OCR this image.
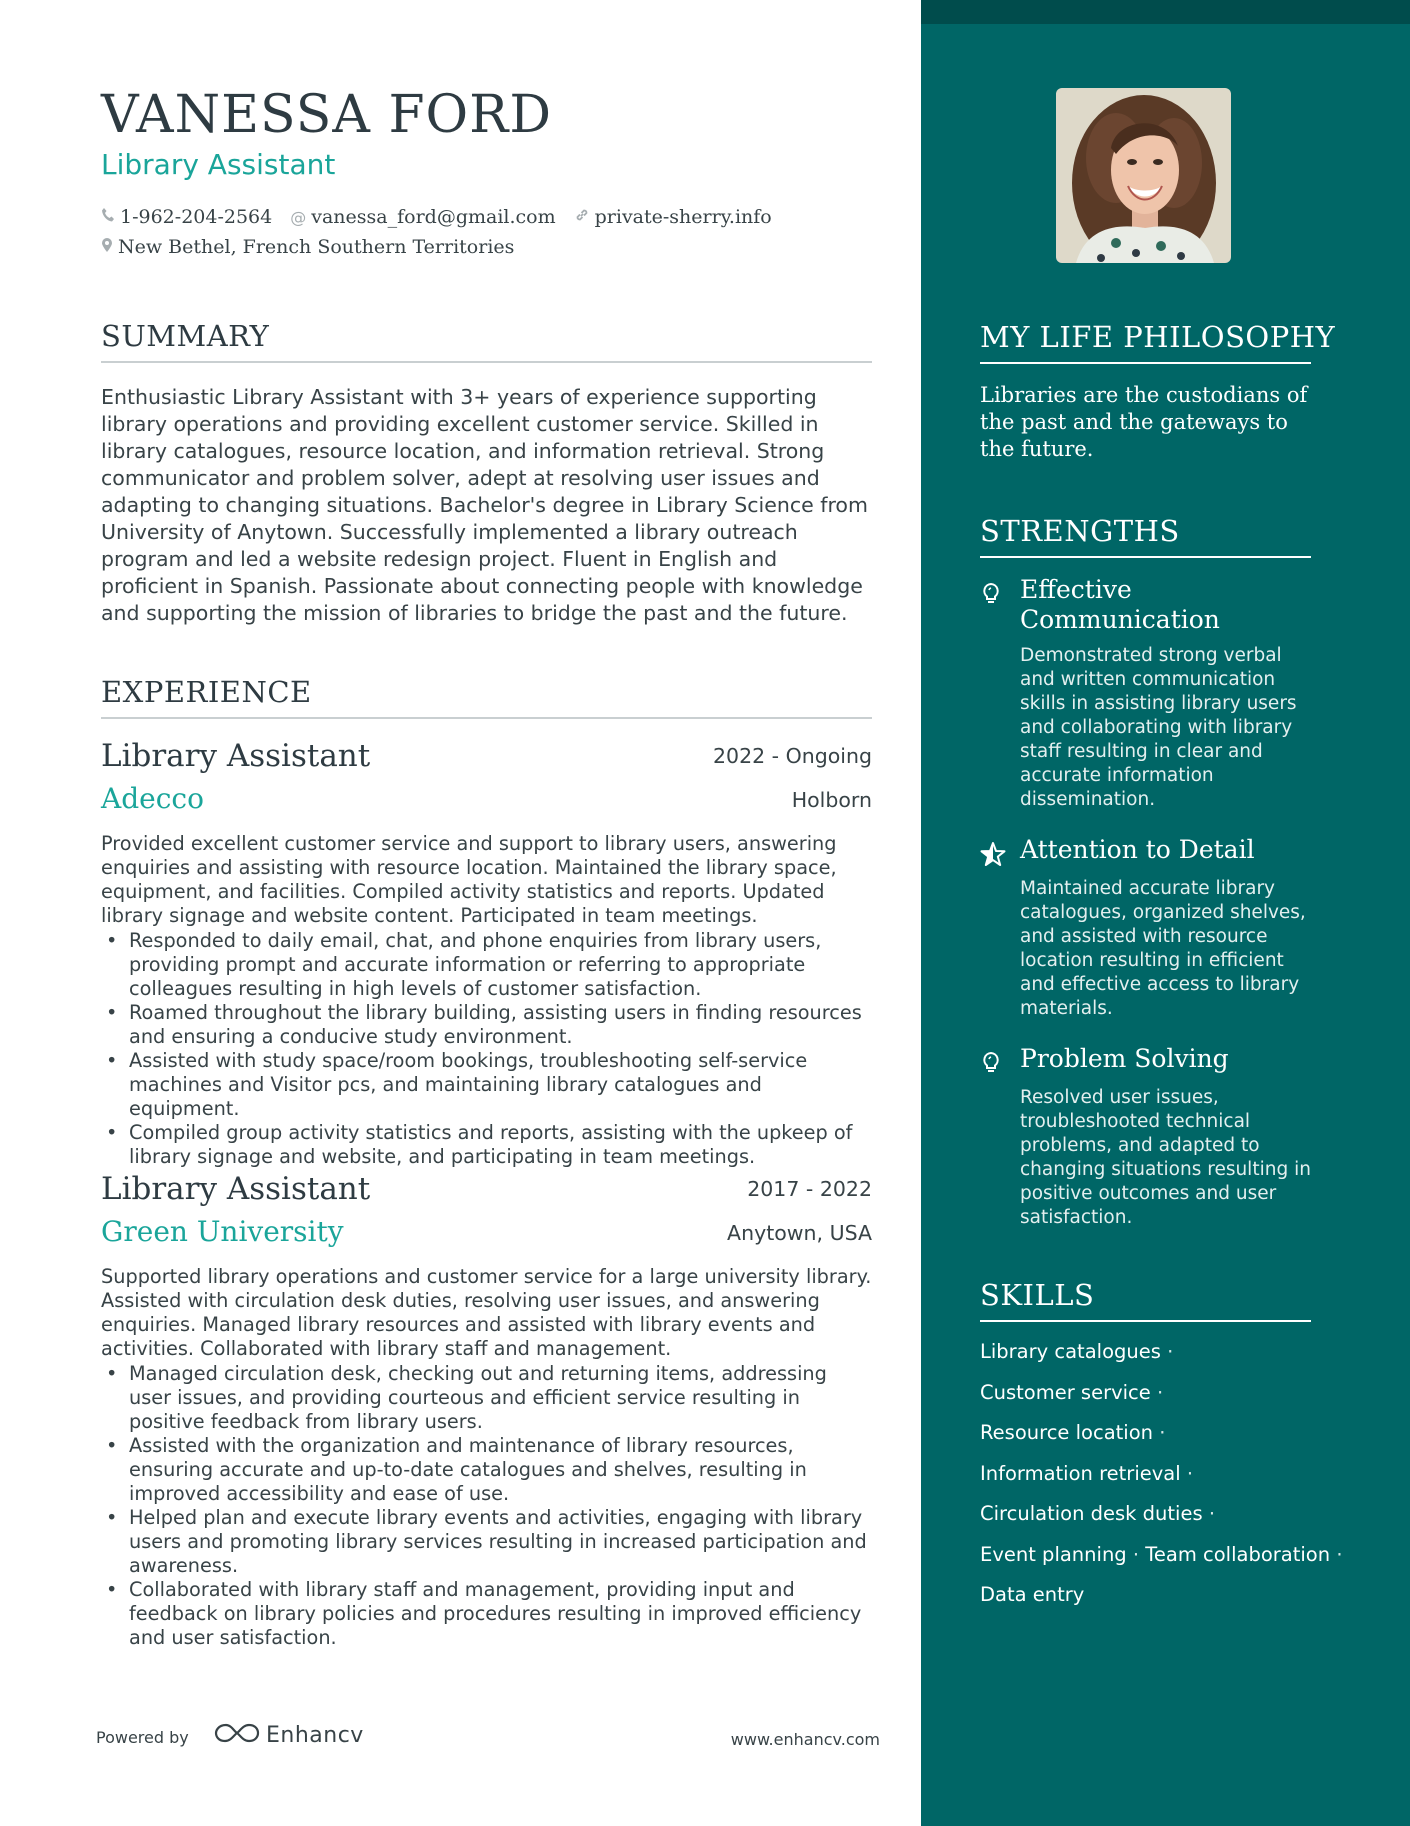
VANESSA FORD
Library Assistant
1-962-204-2564 @ vanessa_ford@gmail.com private-sherry.info
New Bethel, French Southern Territories
SUMMARY
Enthusiastic Library Assistant with 3+ years of experience supporting library operations and providing excellent customer service. Skilled in library catalogues, resource location, and information retrieval. Strong communicator and problem solver, adept at resolving user issues and adapting to changing situations. Bachelor's degree in Library Science from University of Anytown. Successfully implemented a library outreach program and led a website redesign project. Fluent in English and proficient in Spanish. Passionate about connecting people with knowledge and supporting the mission of libraries to bridge the past and the future.
EXPERIENCE
Library Assistant	2022 - Ongoing
Adecco	Holborn
Provided excellent customer service and support to library users, answering enquiries and assisting with resource location. Maintained the library space, equipment, and facilities. Compiled activity statistics and reports. Updated library signage and website content. Participated in team meetings.
• Responded to daily email, chat, and phone enquiries from library users, providing prompt and accurate information or referring to appropriate colleagues resulting in high levels of customer satisfaction.
• Roamed throughout the library building, assisting users in finding resources and ensuring a conducive study environment.
• Assisted with study space/room bookings, troubleshooting self-service machines and Visitor pcs, and maintaining library catalogues and equipment.
• Compiled group activity statistics and reports, assisting with the upkeep of library signage and website, and participating in team meetings.
Library Assistant	2017 - 2022
Green University	Anytown, USA
Supported library operations and customer service for a large university library. Assisted with circulation desk duties, resolving user issues, and answering enquiries. Managed library resources and assisted with library events and activities. Collaborated with library staff and management.
• Managed circulation desk, checking out and returning items, addressing user issues, and providing courteous and efficient service resulting in positive feedback from library users.
• Assisted with the organization and maintenance of library resources, ensuring accurate and up-to-date catalogues and shelves, resulting in improved accessibility and ease of use.
• Helped plan and execute library events and activities, engaging with library users and promoting library services resulting in increased participation and awareness.
• Collaborated with library staff and management, providing input and feedback on library policies and procedures resulting in improved efficiency and user satisfaction.
Powered by	Enhancv	www.enhancv.com
MY LIFE PHILOSOPHY
Libraries are the custodians of the past and the gateways to the future.
STRENGTHS
Effective Communication
Demonstrated strong verbal and written communication skills in assisting library users and collaborating with library staff resulting in clear and accurate information dissemination.
Attention to Detail
Maintained accurate library catalogues, organized shelves, and assisted with resource location resulting in efficient and effective access to library materials.
Problem Solving
Resolved user issues, troubleshooted technical problems, and adapted to changing situations resulting in positive outcomes and user satisfaction.
SKILLS
Library catalogues ·
Customer service ·
Resource location ·
Information retrieval ·
Circulation desk duties ·
Event planning · Team collaboration ·
Data entry
